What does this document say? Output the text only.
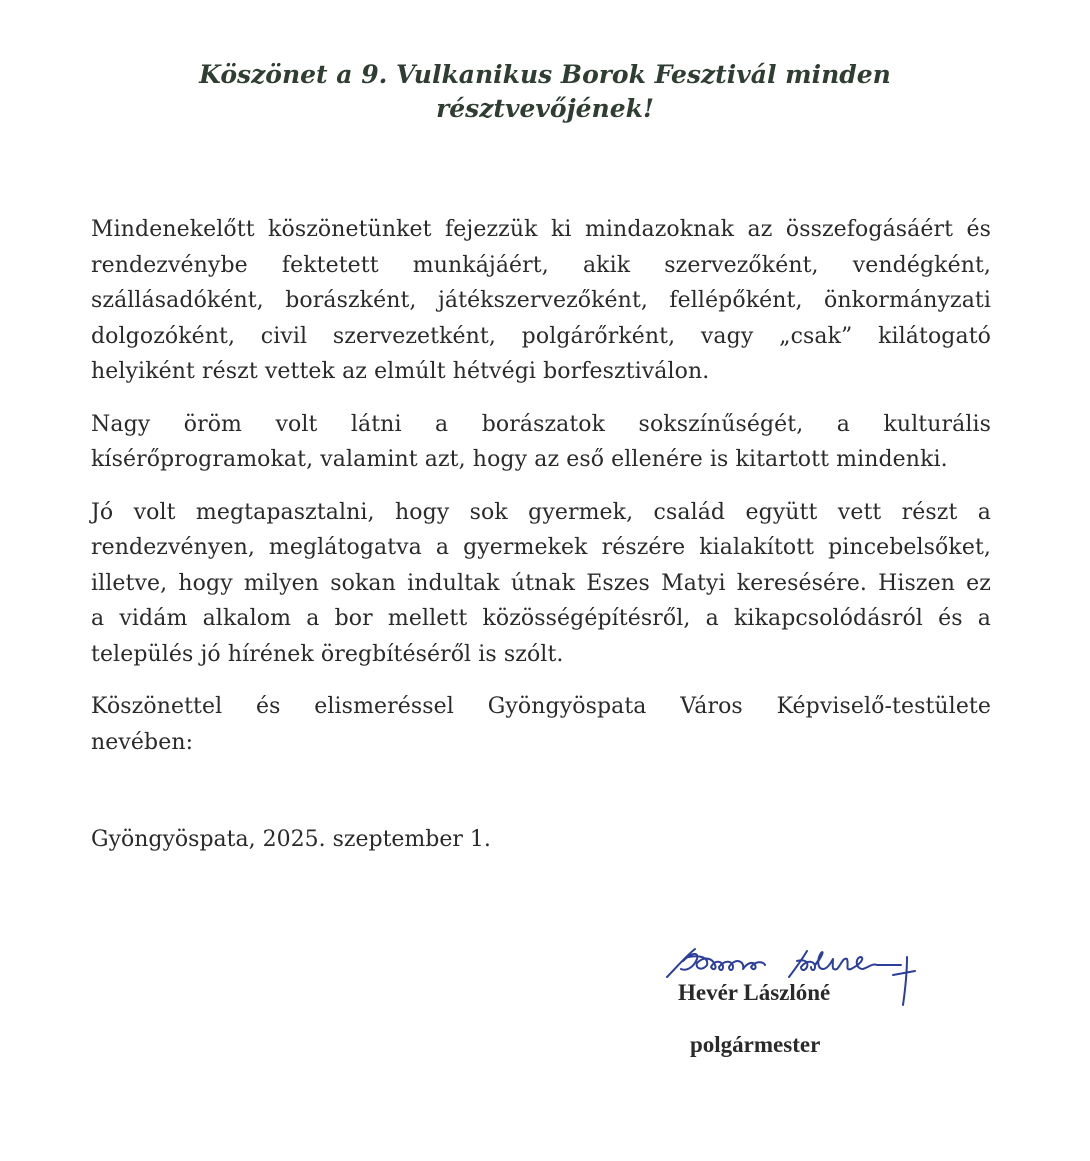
Köszönet a 9. Vulkanikus Borok Fesztivál minden
résztvevőjének!
Mindenekelőtt köszönetünket fejezzük ki mindazoknak az összefogásáért és
rendezvénybe fektetett munkájáért, akik szervezőként, vendégként,
szállásadóként, borászként, játékszervezőként, fellépőként, önkormányzati
dolgozóként, civil szervezetként, polgárőrként, vagy „csak” kilátogató
helyiként részt vettek az elmúlt hétvégi borfesztiválon.
Nagy öröm volt látni a borászatok sokszínűségét, a kulturális
kísérőprogramokat, valamint azt, hogy az eső ellenére is kitartott mindenki.
Jó volt megtapasztalni, hogy sok gyermek, család együtt vett részt a
rendezvényen, meglátogatva a gyermekek részére kialakított pincebelsőket,
illetve, hogy milyen sokan indultak útnak Eszes Matyi keresésére. Hiszen ez
a vidám alkalom a bor mellett közösségépítésről, a kikapcsolódásról és a
település jó hírének öregbítéséről is szólt.
Köszönettel és elismeréssel Gyöngyöspata Város Képviselő-testülete
nevében:
Gyöngyöspata, 2025. szeptember 1.
Hevér Lászlóné
polgármester
